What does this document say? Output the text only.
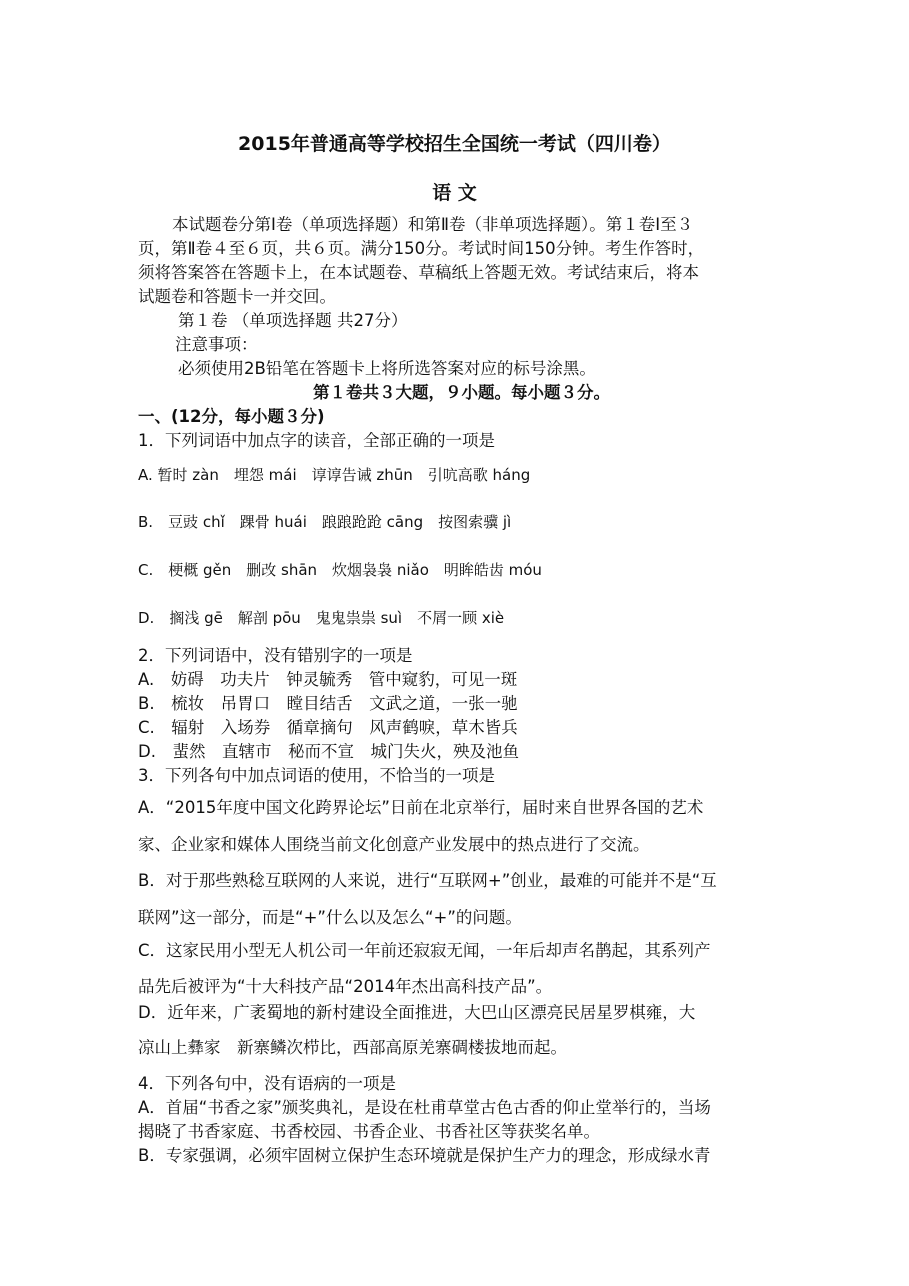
2015年普通高等学校招生全国统一考试（四川卷）
语 文
本试题卷分第Ⅰ卷（单项选择题）和第Ⅱ卷（非单项选择题）。第１卷Ⅰ至３
页，第Ⅱ卷４至６页，共６页。满分150分。考试时间150分钟。考生作答时，
须将答案答在答题卡上，在本试题卷、草稿纸上答题无效。考试结束后，将本
试题卷和答题卡一并交回。
第１卷 （单项选择题 共27分）
注意事项：
必须使用2B铅笔在答题卡上将所选答案对应的标号涂黑。
第１卷共３大题，９小题。每小题３分。
一、(12分，每小题３分)
1．下列词语中加点字的读音，全部正确的一项是
A. 暂时 zàn　埋怨 mái　谆谆告诫 zhūn　引吭高歌 háng
B.　豆豉 chǐ　踝骨 huái　踉踉跄跄 cāng　按图索骥 jì
C.　梗概 gěn　删改 shān　炊烟袅袅 niǎo　明眸皓齿 móu
D.　搁浅 gē　解剖 pōu　鬼鬼祟祟 suì　不屑一顾 xiè
2．下列词语中，没有错别字的一项是
A.　妨碍　功夫片　钟灵毓秀　管中窥豹，可见一斑
B.　梳妆　吊胃口　瞠目结舌　文武之道，一张一驰
C.　辐射　入场券　循章摘句　风声鹤唳，草木皆兵
D.　蜚然　直辖市　秘而不宣　城门失火，殃及池鱼
3．下列各句中加点词语的使用，不恰当的一项是
A．“2015年度中国文化跨界论坛”日前在北京举行，届时来自世界各国的艺术
家、企业家和媒体人围绕当前文化创意产业发展中的热点进行了交流。
B．对于那些熟稔互联网的人来说，进行“互联网+”创业，最难的可能并不是“互
联网”这一部分，而是“+”什么以及怎么“+”的问题。
C．这家民用小型无人机公司一年前还寂寂无闻，一年后却声名鹊起，其系列产
品先后被评为“十大科技产品“2014年杰出高科技产品”。
D．近年来，广袤蜀地的新村建设全面推进，大巴山区漂亮民居星罗棋雍，大
凉山上彝家　新寨鳞次栉比，西部高原羌寨碉楼拔地而起。
4．下列各句中，没有语病的一项是
A．首届“书香之家”颁奖典礼，是设在杜甫草堂古色古香的仰止堂举行的，当场
揭晓了书香家庭、书香校园、书香企业、书香社区等获奖名单。
B．专家强调，必须牢固树立保护生态环境就是保护生产力的理念，形成绿水青
